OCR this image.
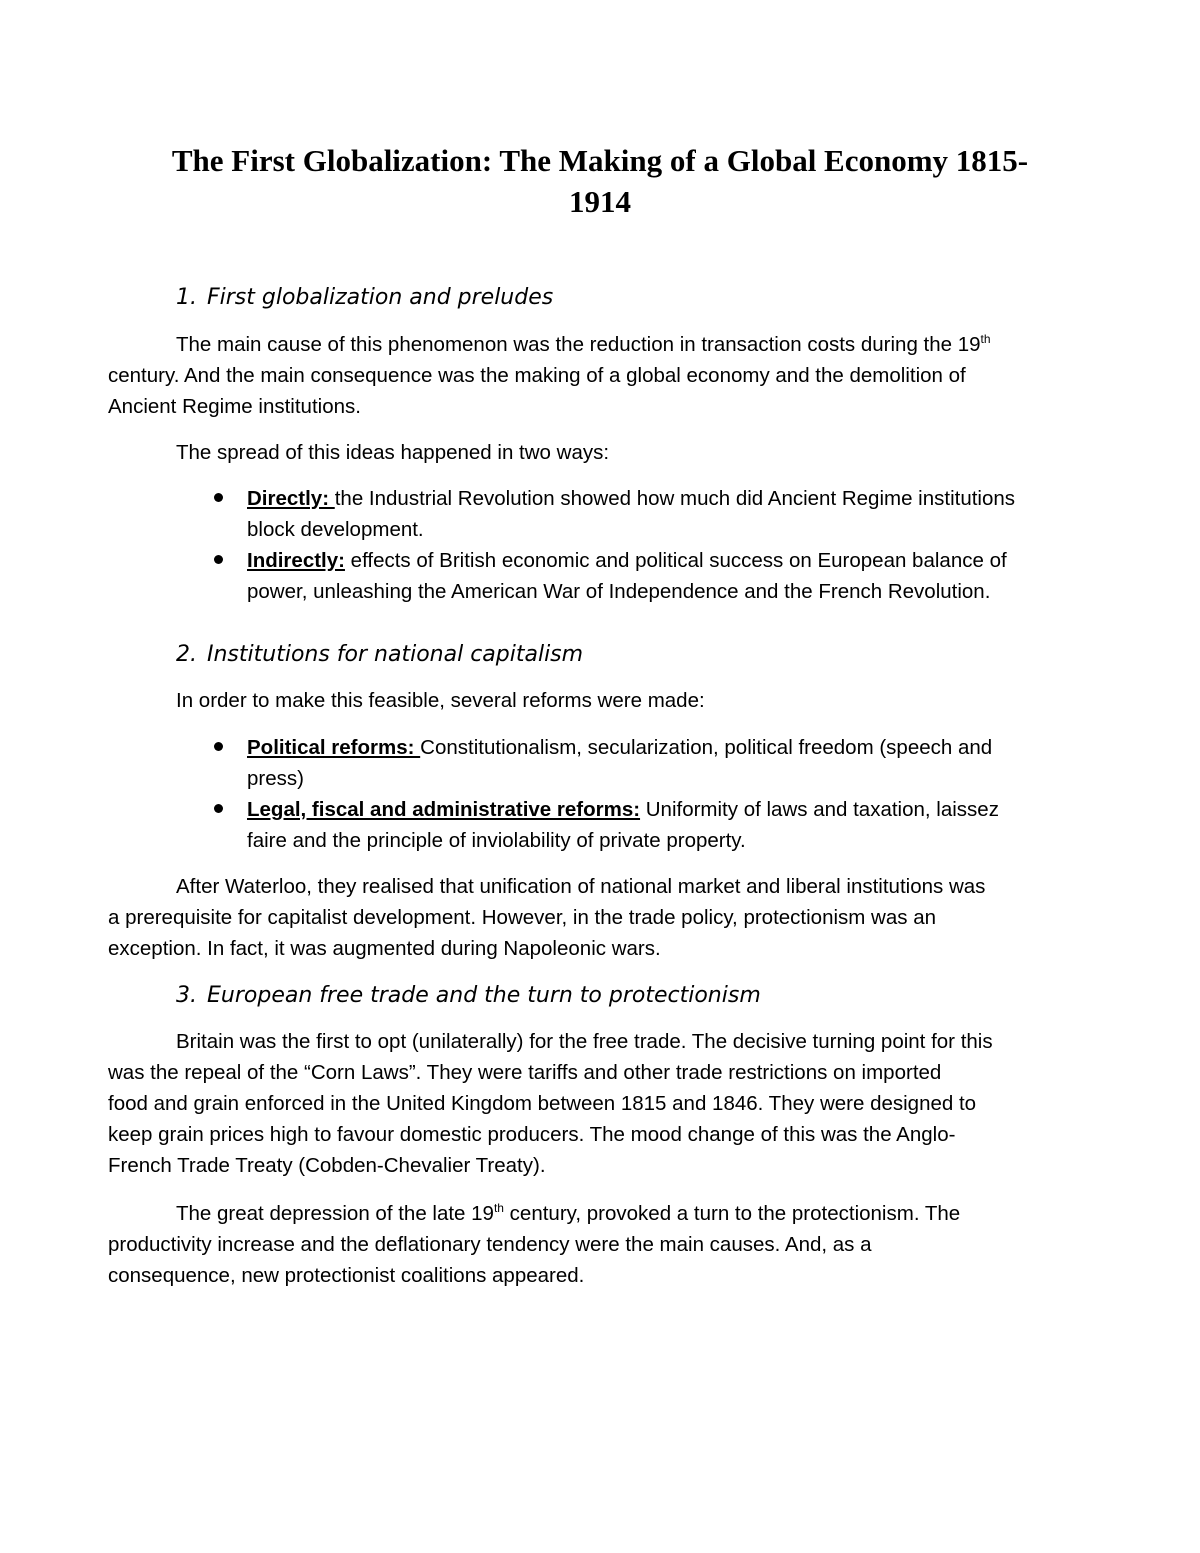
The First Globalization: The Making of a Global Economy 1815-
1914
1. First globalization and preludes

The main cause of this phenomenon was the reduction in transaction costs during the 19th
century. And the main consequence was the making of a global economy and the demolition of
Ancient Regime institutions.

The spread of this ideas happened in two ways:

Directly: the Industrial Revolution showed how much did Ancient Regime institutions
block development.
Indirectly: effects of British economic and political success on European balance of
power, unleashing the American War of Independence and the French Revolution.
2. Institutions for national capitalism

In order to make this feasible, several reforms were made:

Political reforms: Constitutionalism, secularization, political freedom (speech and
press)
Legal, fiscal and administrative reforms: Uniformity of laws and taxation, laissez
faire and the principle of inviolability of private property.

After Waterloo, they realised that unification of national market and liberal institutions was
a prerequisite for capitalist development. However, in the trade policy, protectionism was an
exception. In fact, it was augmented during Napoleonic wars.

3. European free trade and the turn to protectionism

Britain was the first to opt (unilaterally) for the free trade. The decisive turning point for this
was the repeal of the “Corn Laws”. They were tariffs and other trade restrictions on imported
food and grain enforced in the United Kingdom between 1815 and 1846. They were designed to
keep grain prices high to favour domestic producers. The mood change of this was the Anglo-
French Trade Treaty (Cobden-Chevalier Treaty).

The great depression of the late 19th century, provoked a turn to the protectionism. The
productivity increase and the deflationary tendency were the main causes. And, as a
consequence, new protectionist coalitions appeared.
